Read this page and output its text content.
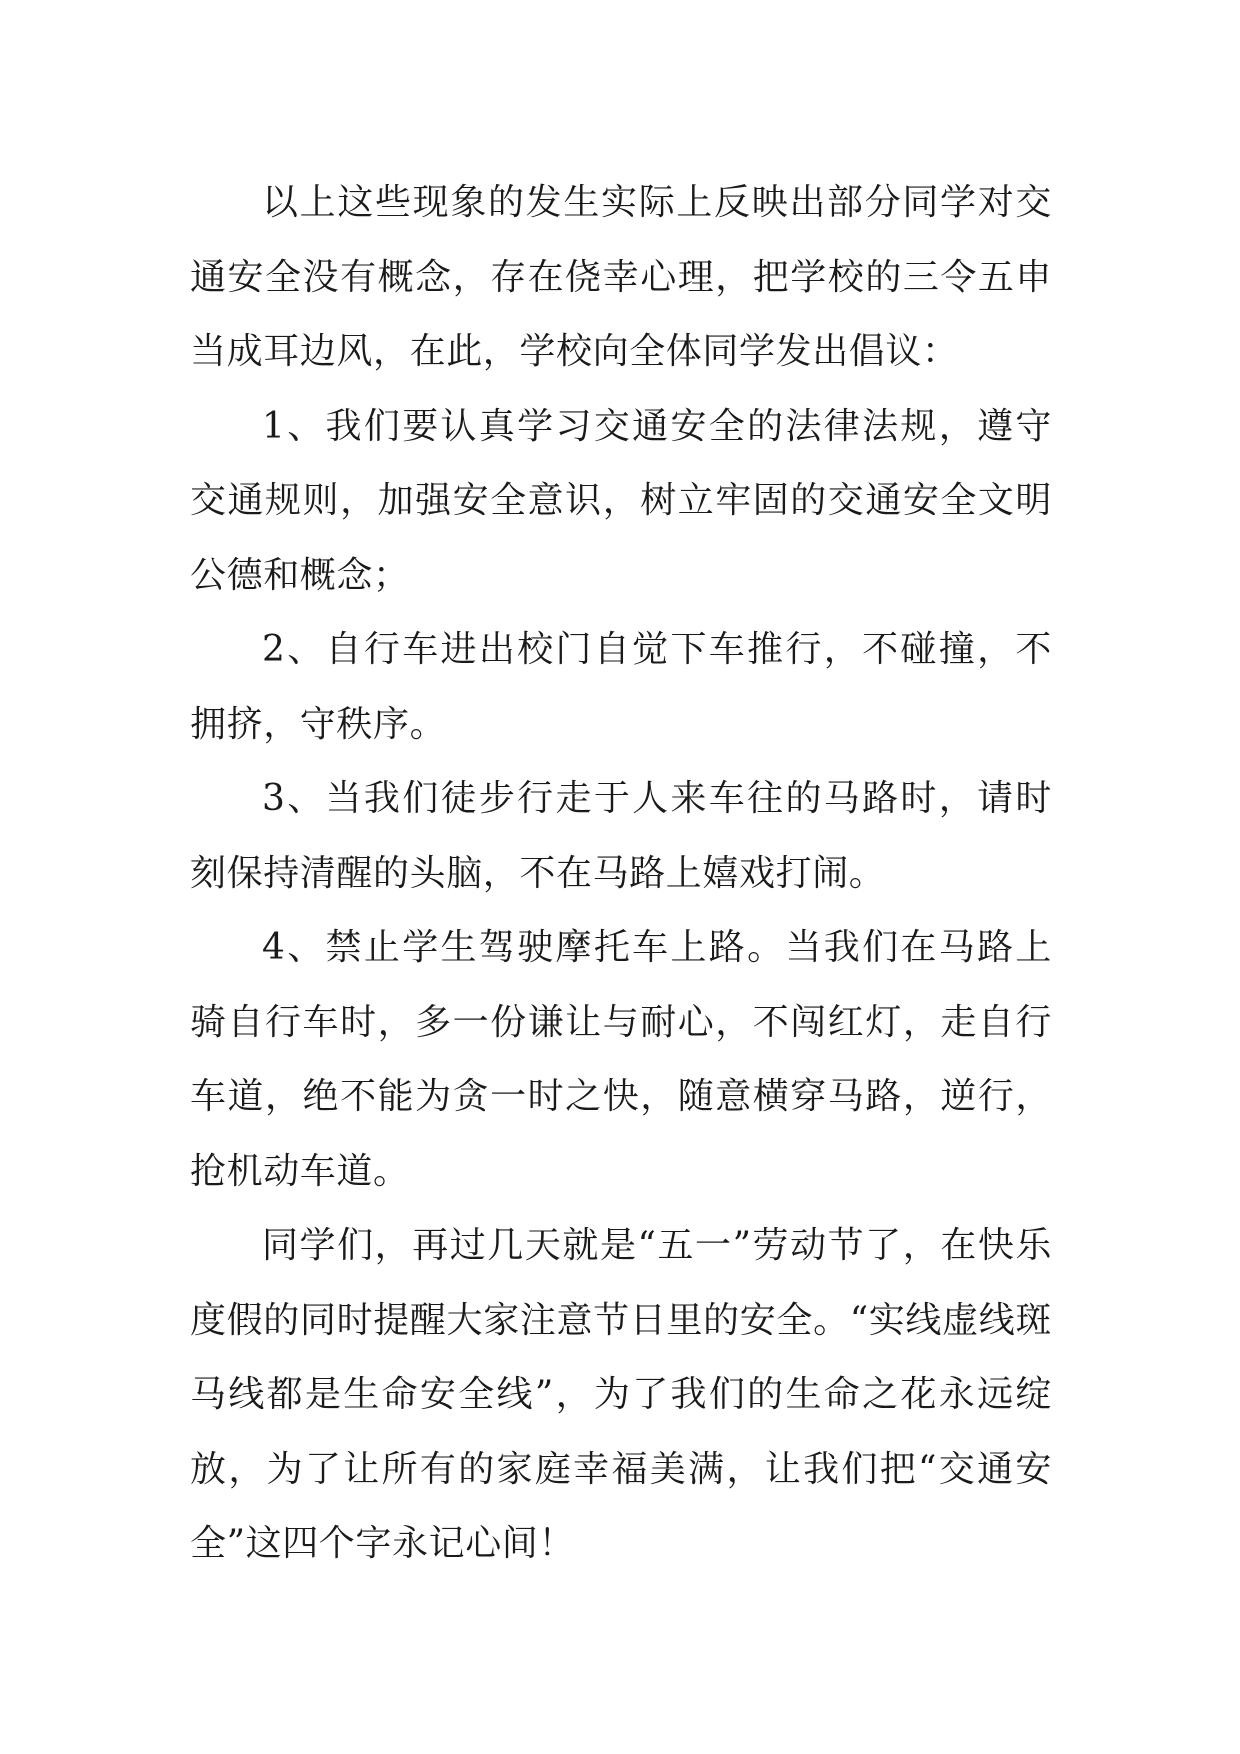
以上这些现象的发生实际上反映出部分同学对交通安全没有概念，存在侥幸心理，把学校的三令五申当成耳边风，在此，学校向全体同学发出倡议：

1、我们要认真学习交通安全的法律法规，遵守交通规则，加强安全意识，树立牢固的交通安全文明公德和概念；

2、自行车进出校门自觉下车推行，不碰撞，不拥挤，守秩序。

3、当我们徒步行走于人来车往的马路时，请时刻保持清醒的头脑，不在马路上嬉戏打闹。

4、禁止学生驾驶摩托车上路。当我们在马路上骑自行车时，多一份谦让与耐心，不闯红灯，走自行车道，绝不能为贪一时之快，随意横穿马路，逆行，抢机动车道。

同学们，再过几天就是“五一”劳动节了，在快乐度假的同时提醒大家注意节日里的安全。“实线虚线斑马线都是生命安全线”，为了我们的生命之花永远绽放，为了让所有的家庭幸福美满，让我们把“交通安全”这四个字永记心间！
